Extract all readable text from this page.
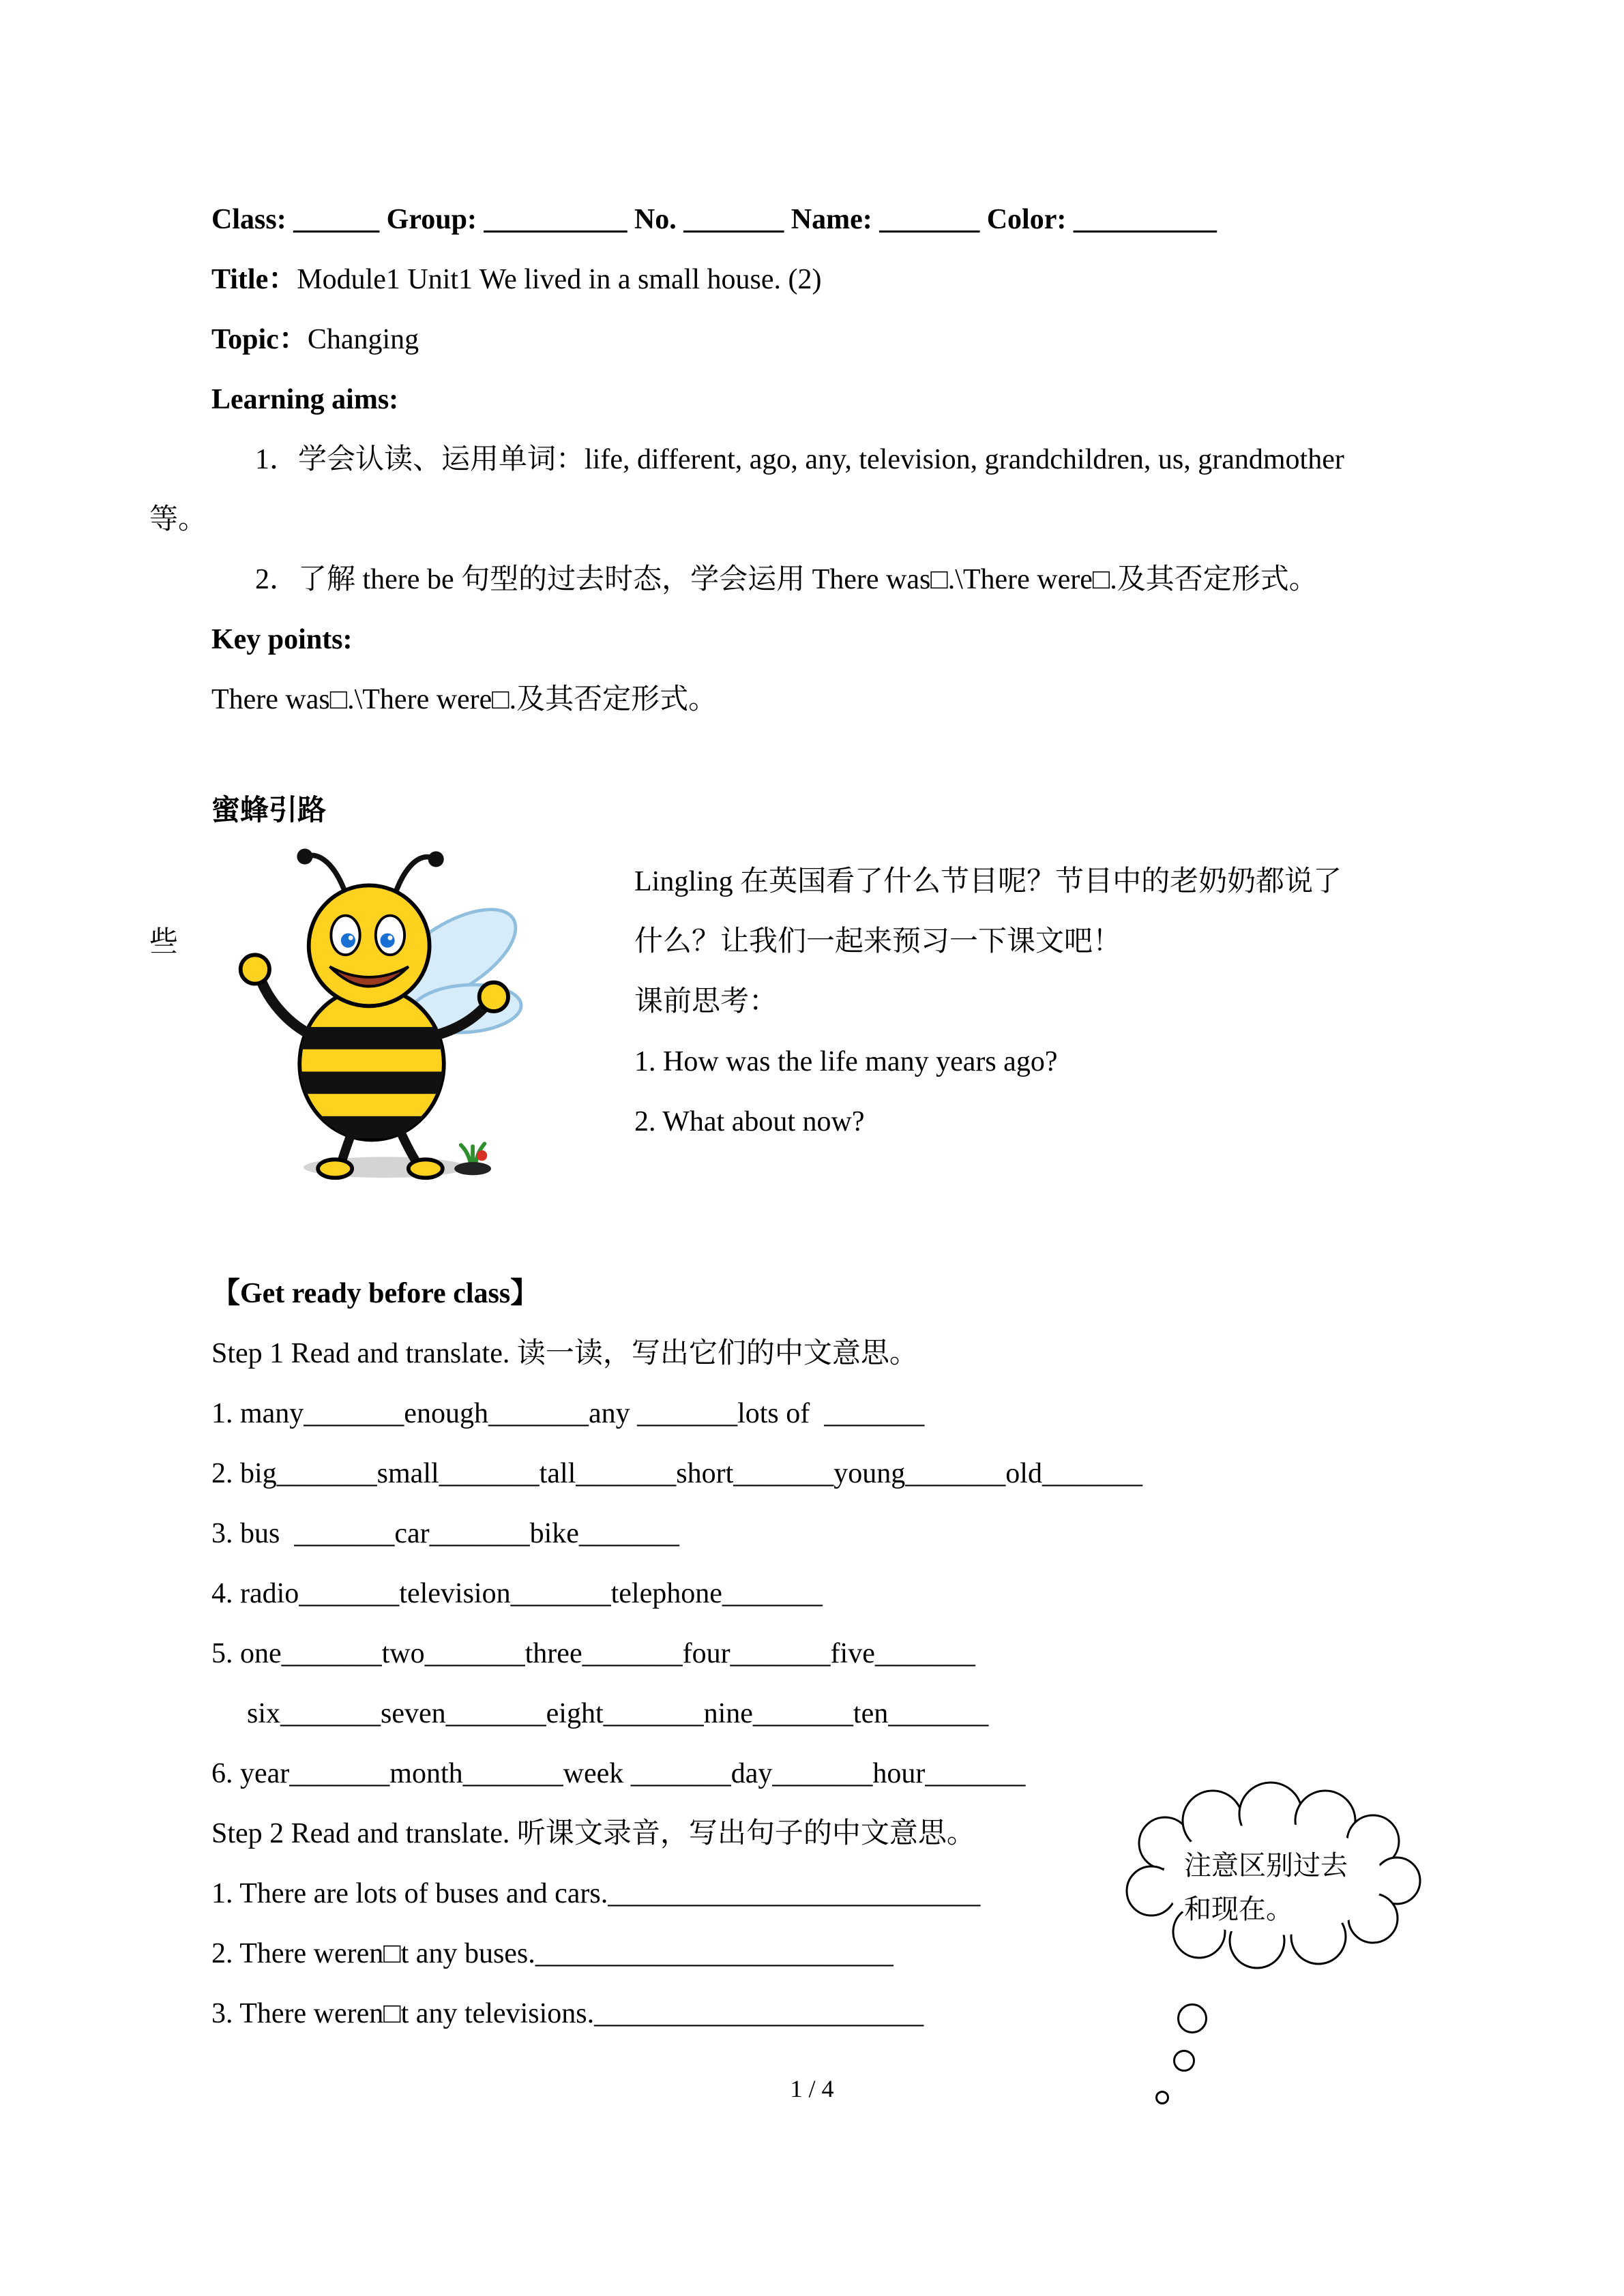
Class: ______ Group: __________ No. _______ Name: _______ Color: __________
Title：Module1 Unit1 We lived in a small house. (2)
Topic：Changing
Learning aims:
1．学会认读、运用单词：life, different, ago, any, television, grandchildren, us, grandmother
等。
2．了解 there be 句型的过去时态，学会运用 There was□.\There were□.及其否定形式。
Key points:
There was□.\There were□.及其否定形式。
蜜蜂引路
些
Lingling 在英国看了什么节目呢？节目中的老奶奶都说了
什么？让我们一起来预习一下课文吧！
课前思考：
1. How was the life many years ago?
2. What about now?
【Get ready before class】
Step 1 Read and translate. 读一读，写出它们的中文意思。
1. many_______enough_______any _______lots of  _______
2. big_______small_______tall_______short_______young_______old_______
3. bus  _______car_______bike_______
4. radio_______television_______telephone_______
5. one_______two_______three_______four_______five_______
six_______seven_______eight_______nine_______ten_______
6. year_______month_______week _______day_______hour_______
Step 2 Read and translate. 听课文录音，写出句子的中文意思。
1. There are lots of buses and cars.__________________________
2. There weren□t any buses._________________________
3. There weren□t any televisions._______________________
注意区别过去
和现在。
1 / 4
